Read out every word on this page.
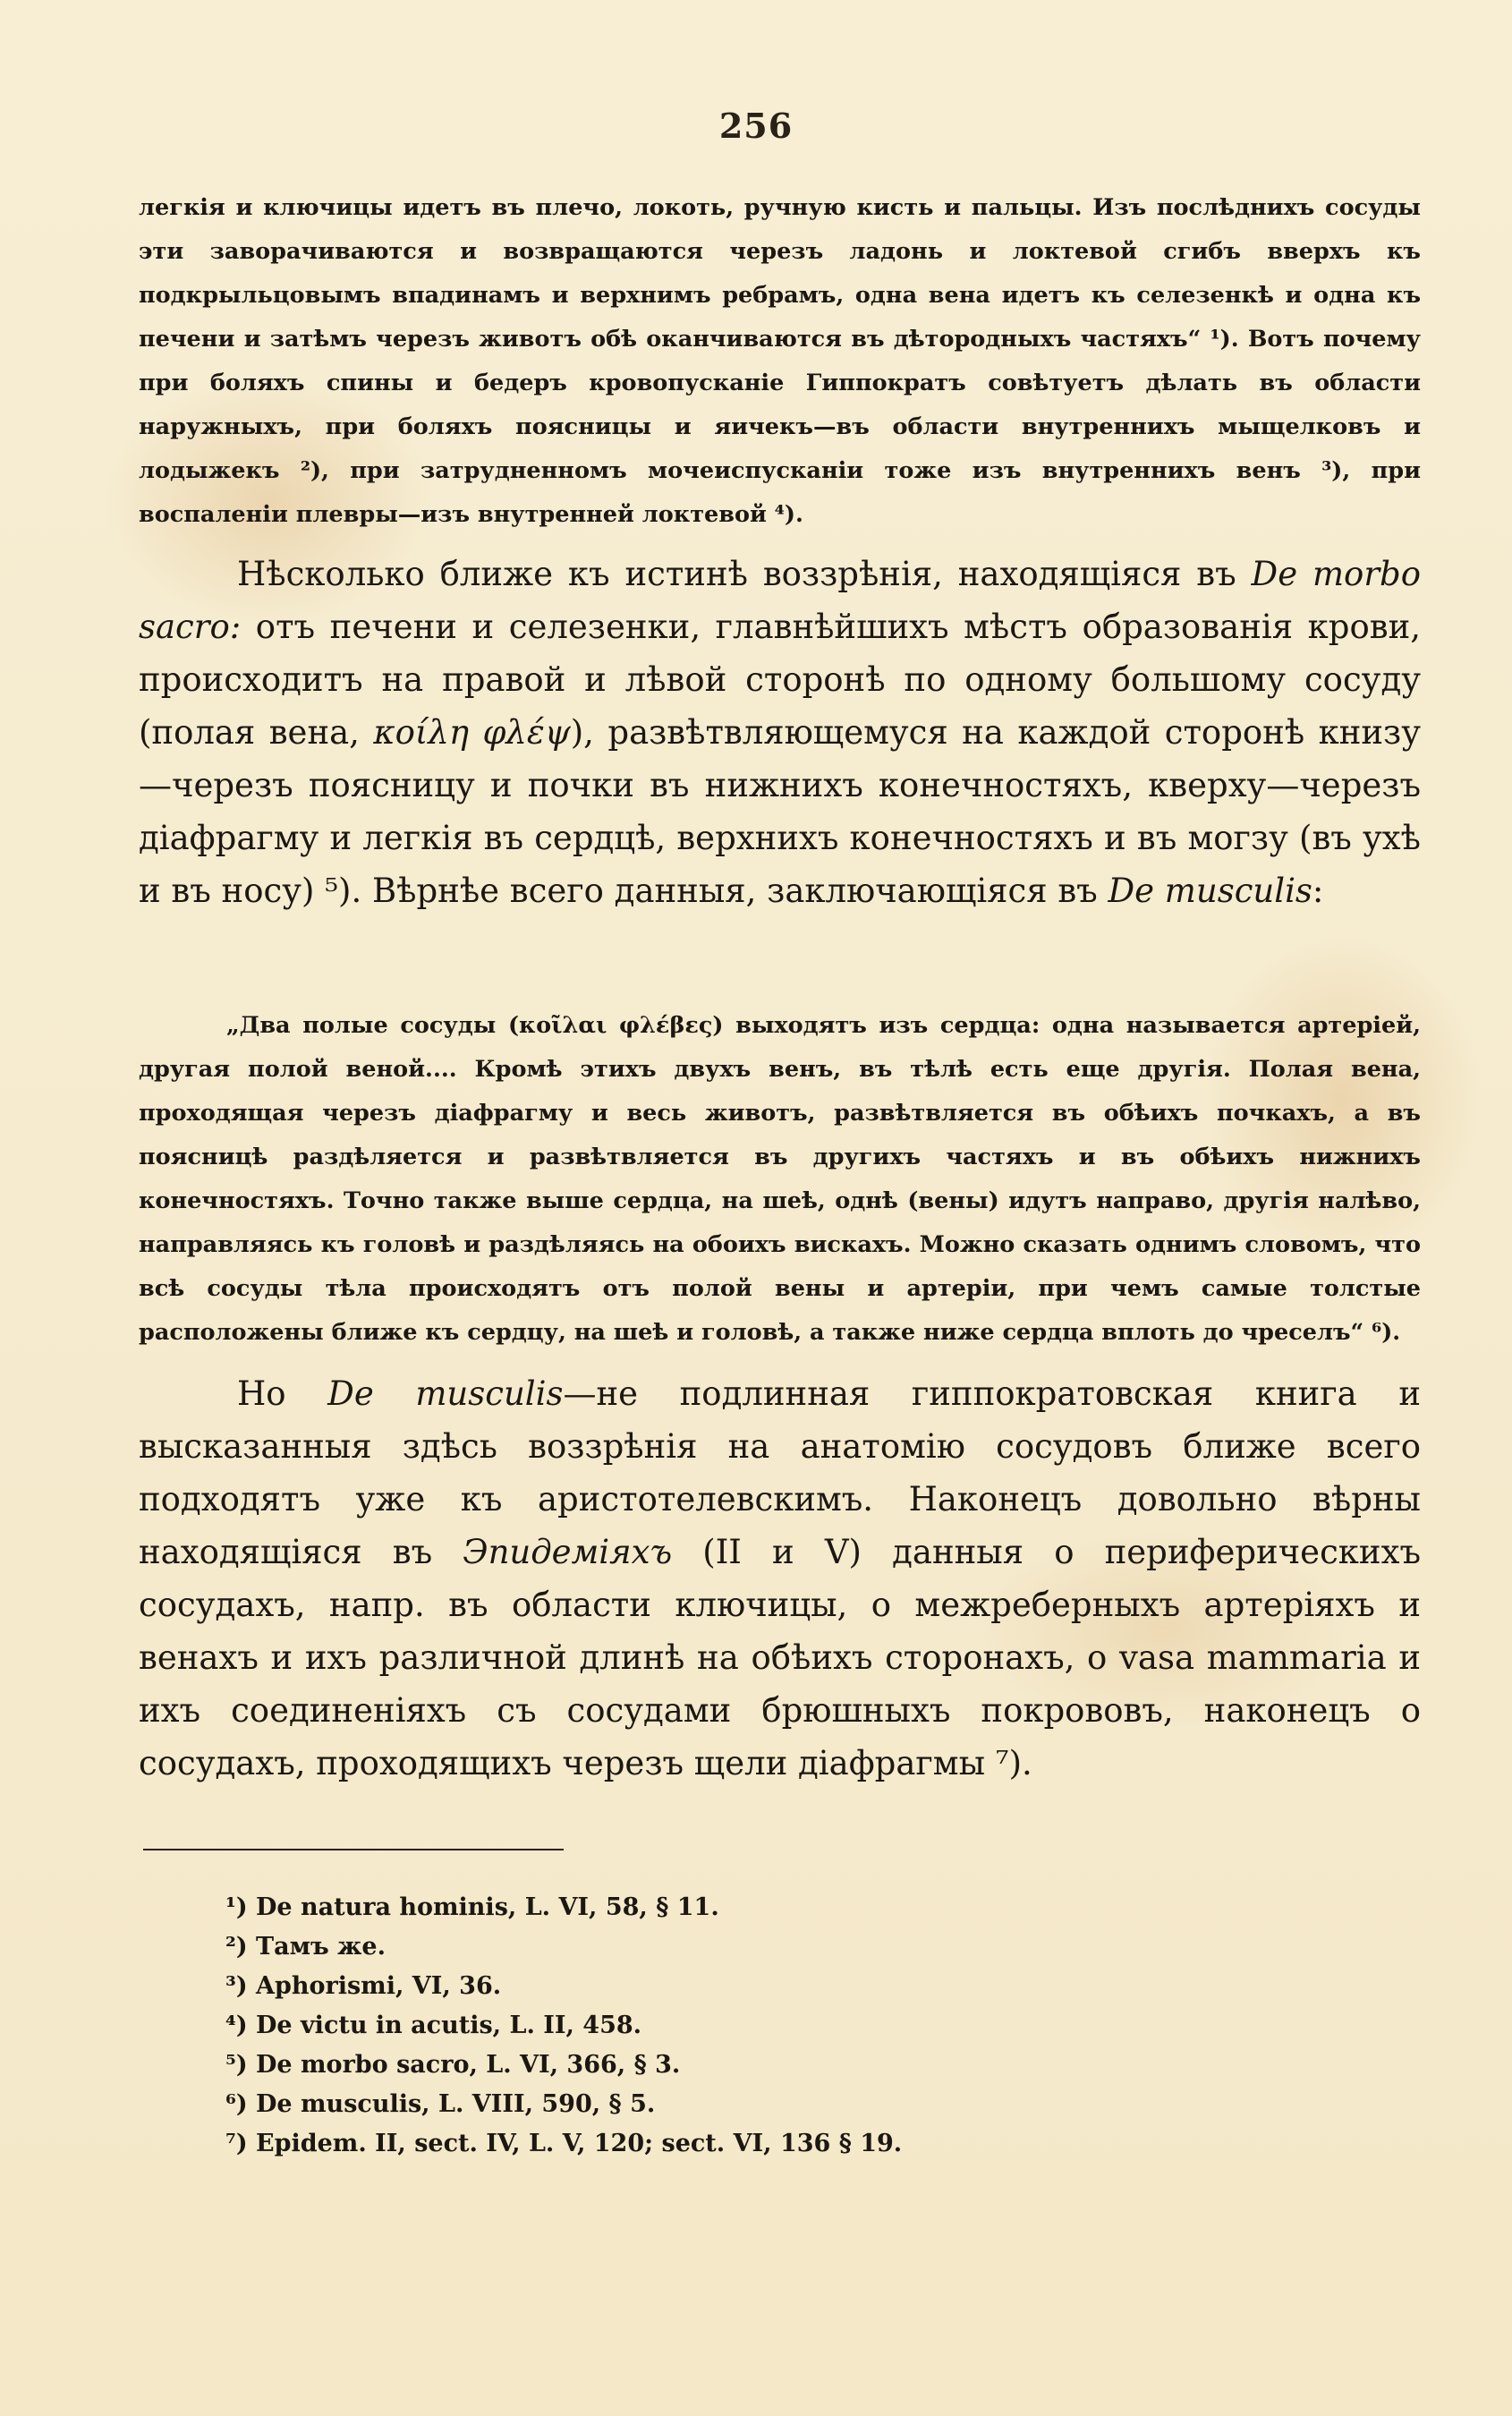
256

легкія и ключицы идетъ въ плечо, локоть, ручную кисть и пальцы. Изъ послѣднихъ сосуды эти заворачиваются и возвращаются черезъ ладонь и локтевой сгибъ вверхъ къ подкрыльцовымъ впадинамъ и верхнимъ ребрамъ, одна вена идетъ къ селезенкѣ и одна къ печени и затѣмъ черезъ животъ обѣ оканчиваются въ дѣтородныхъ частяхъ“ ¹). Вотъ почему при боляхъ спины и бедеръ кровопусканіе Гиппократъ совѣтуетъ дѣлать въ области наружныхъ, при боляхъ поясницы и яичекъ—въ области внутреннихъ мыщелковъ и лодыжекъ ²), при затрудненномъ мочеиспусканіи тоже изъ внутреннихъ венъ ³), при воспаленіи плевры—изъ внутренней локтевой ⁴).

Нѣсколько ближе къ истинѣ воззрѣнія, находящіяся въ De morbo sacro: отъ печени и селезенки, главнѣйшихъ мѣстъ образованія крови, происходитъ на правой и лѣвой сторонѣ по одному большому сосуду (полая вена, κοίλη φλέψ), развѣтвляющемуся на каждой сторонѣ книзу—черезъ поясницу и почки въ нижнихъ конечностяхъ, кверху—черезъ діафрагму и легкія въ сердцѣ, верхнихъ конечностяхъ и въ могзу (въ ухѣ и въ носу) ⁵). Вѣрнѣе всего данныя, заключающіяся въ De musculis:

„Два полые сосуды (κοῖλαι φλέβες) выходятъ изъ сердца: одна называется артеріей, другая полой веной.... Кромѣ этихъ двухъ венъ, въ тѣлѣ есть еще другія. Полая вена, проходящая черезъ діафрагму и весь животъ, развѣтвляется въ обѣихъ почкахъ, а въ поясницѣ раздѣляется и развѣтвляется въ другихъ частяхъ и въ обѣихъ нижнихъ конечностяхъ. Точно также выше сердца, на шеѣ, однѣ (вены) идутъ направо, другія налѣво, направляясь къ головѣ и раздѣляясь на обоихъ вискахъ. Можно сказать однимъ словомъ, что всѣ сосуды тѣла происходятъ отъ полой вены и артеріи, при чемъ самые толстые расположены ближе къ сердцу, на шеѣ и головѣ, а также ниже сердца вплоть до чреселъ“ ⁶).

Но De musculis—не подлинная гиппократовская книга и высказанныя здѣсь воззрѣнія на анатомію сосудовъ ближе всего подходятъ уже къ аристотелевскимъ. Наконецъ довольно вѣрны находящіяся въ Эпидеміяхъ (II и V) данныя о периферическихъ сосудахъ, напр. въ области ключицы, о межреберныхъ артеріяхъ и венахъ и ихъ различной длинѣ на обѣихъ сторонахъ, о vasa mammaria и ихъ соединеніяхъ съ сосудами брюшныхъ покрововъ, наконецъ о сосудахъ, проходящихъ черезъ щели діафрагмы ⁷).

¹) De natura hominis, L. VI, 58, § 11.
²) Тамъ же.
³) Aphorismi, VI, 36.
⁴) De victu in acutis, L. II, 458.
⁵) De morbo sacro, L. VI, 366, § 3.
⁶) De musculis, L. VIII, 590, § 5.
⁷) Epidem. II, sect. IV, L. V, 120; sect. VI, 136 § 19.
